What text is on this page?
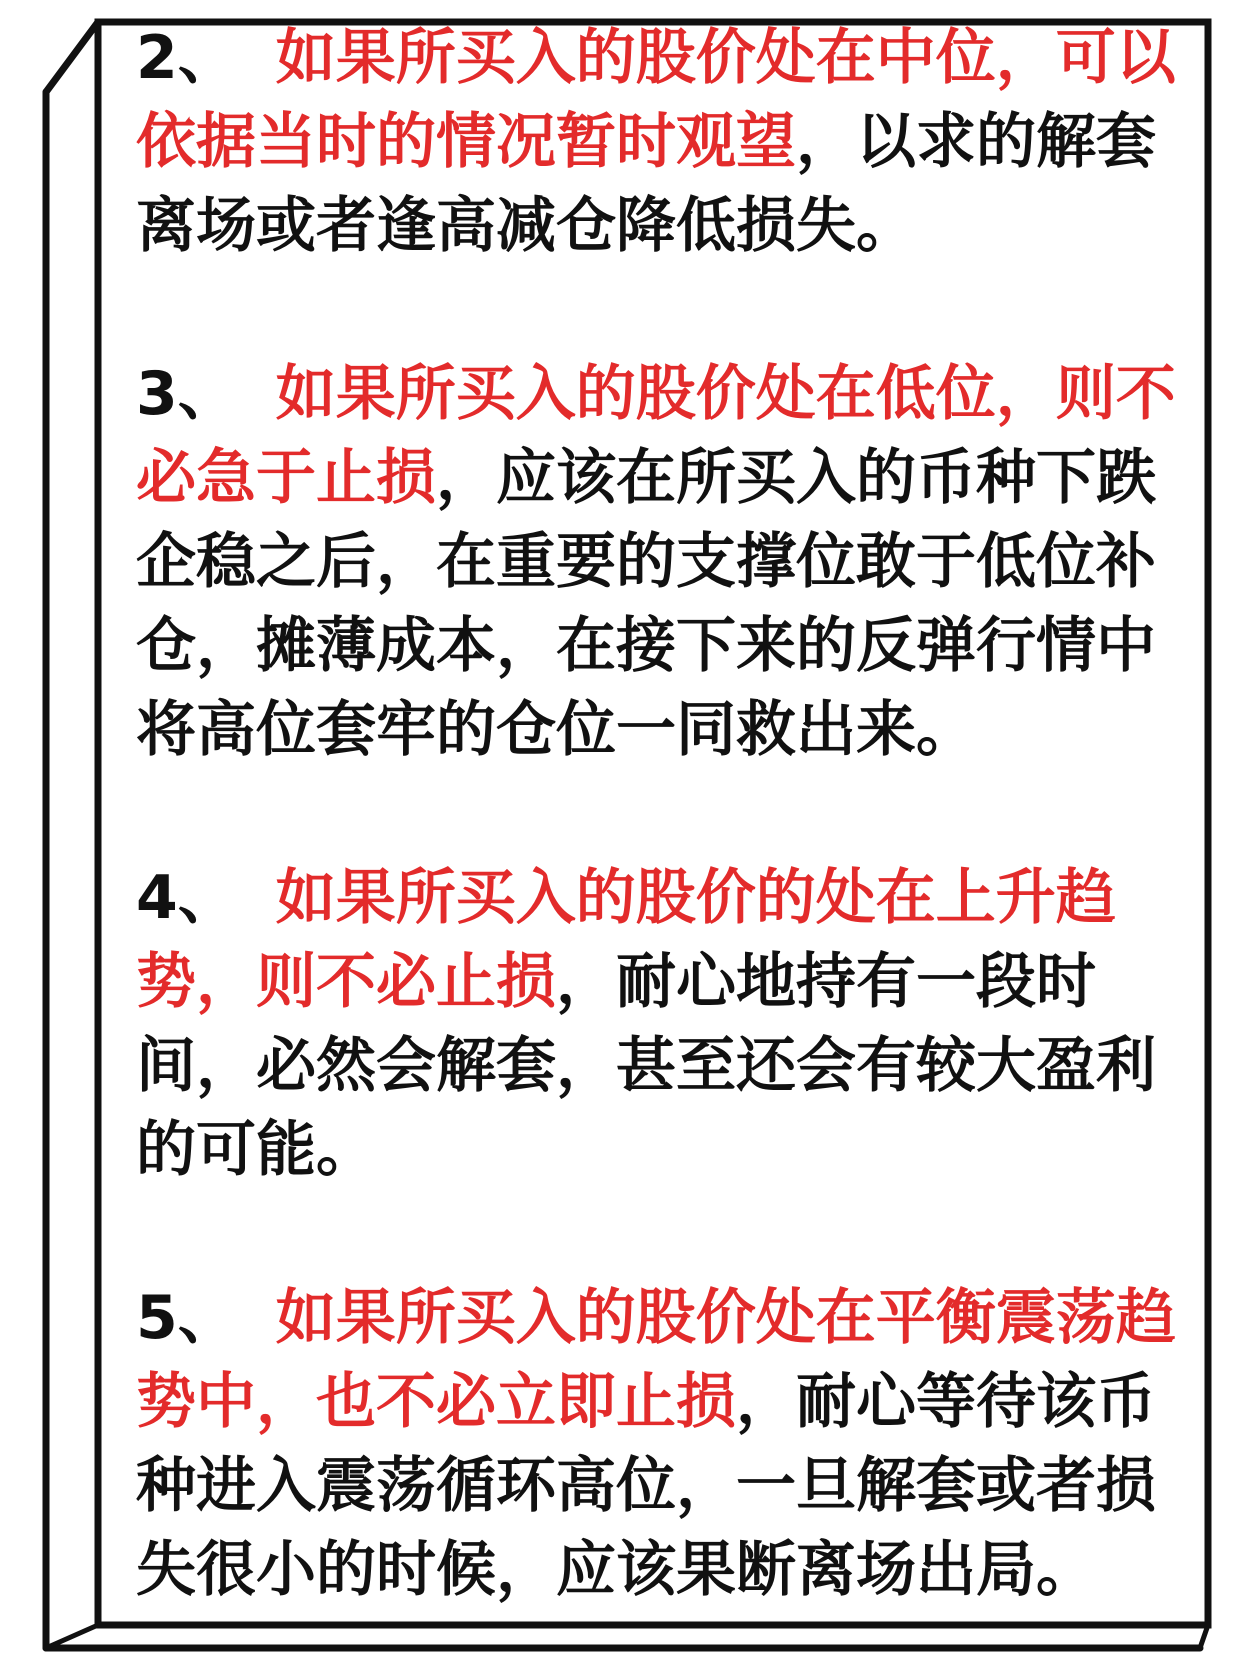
2、 如果所买入的股价处在中位，可以依据当时的情况暂时观望，以求的解套离场或者逢高减仓降低损失。

3、 如果所买入的股价处在低位，则不必急于止损，应该在所买入的币种下跌企稳之后，在重要的支撑位敢于低位补仓，摊薄成本，在接下来的反弹行情中将高位套牢的仓位一同救出来。

4、 如果所买入的股价的处在上升趋势，则不必止损，耐心地持有一段时间，必然会解套，甚至还会有较大盈利的可能。

5、 如果所买入的股价处在平衡震荡趋势中，也不必立即止损，耐心等待该币种进入震荡循环高位，一旦解套或者损失很小的时候，应该果断离场出局。
